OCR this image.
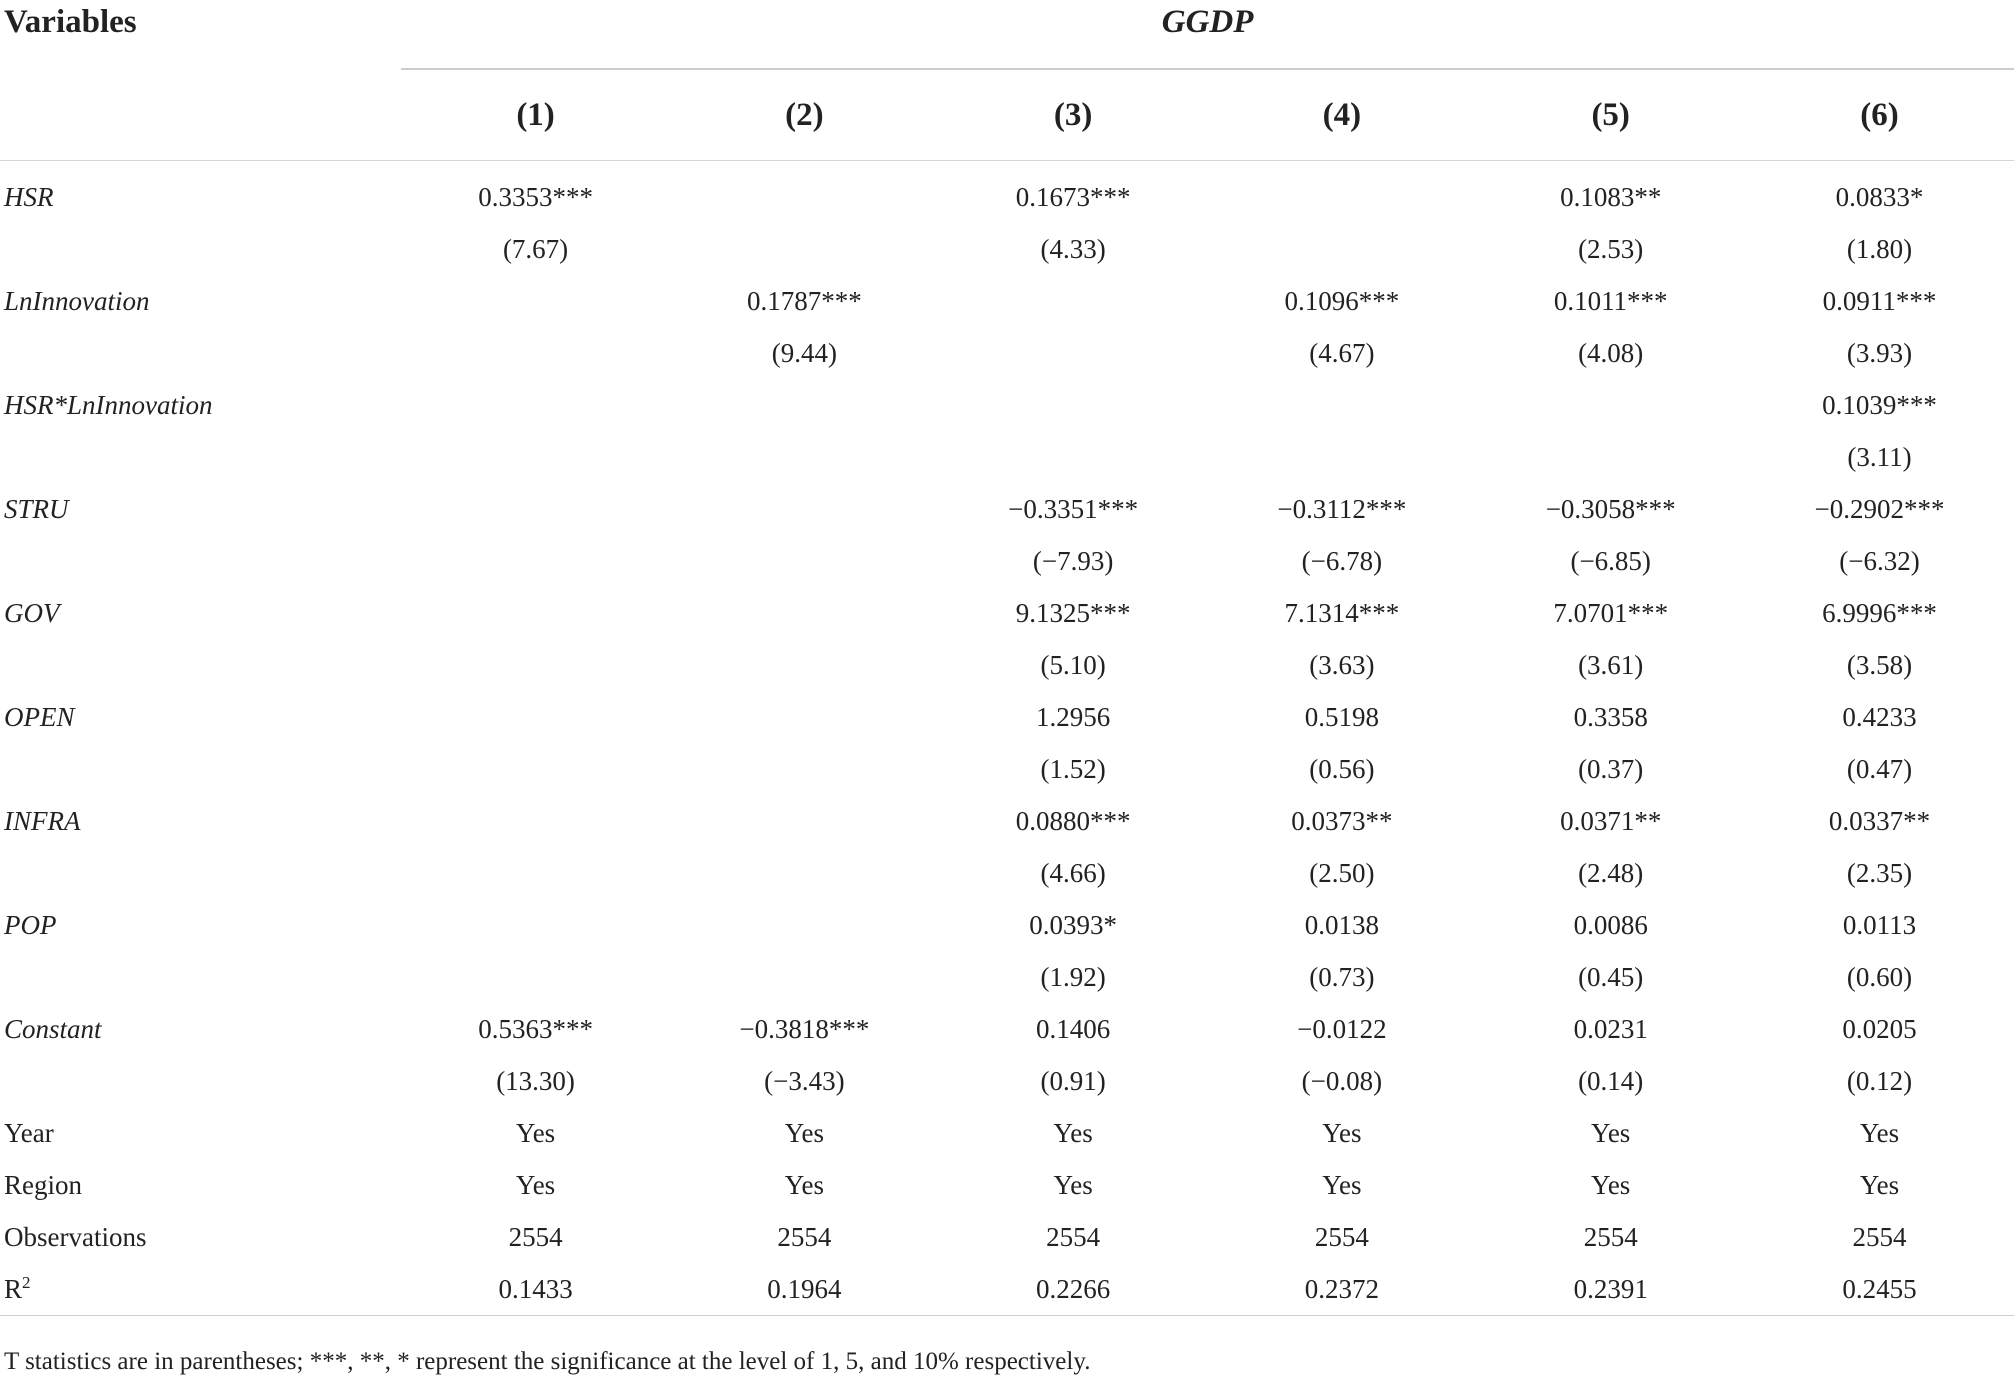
Variables	GGDP					
	(1)	(2)	(3)	(4)	(5)	(6)
HSR	0.3353***		0.1673***		0.1083**	0.0833*
	(7.67)		(4.33)		(2.53)	(1.80)
LnInnovation		0.1787***		0.1096***	0.1011***	0.0911***
		(9.44)		(4.67)	(4.08)	(3.93)
HSR*LnInnovation						0.1039***
						(3.11)
STRU			−0.3351***	−0.3112***	−0.3058***	−0.2902***
			(−7.93)	(−6.78)	(−6.85)	(−6.32)
GOV			9.1325***	7.1314***	7.0701***	6.9996***
			(5.10)	(3.63)	(3.61)	(3.58)
OPEN			1.2956	0.5198	0.3358	0.4233
			(1.52)	(0.56)	(0.37)	(0.47)
INFRA			0.0880***	0.0373**	0.0371**	0.0337**
			(4.66)	(2.50)	(2.48)	(2.35)
POP			0.0393*	0.0138	0.0086	0.0113
			(1.92)	(0.73)	(0.45)	(0.60)
Constant	0.5363***	−0.3818***	0.1406	−0.0122	0.0231	0.0205
	(13.30)	(−3.43)	(0.91)	(−0.08)	(0.14)	(0.12)
Year	Yes	Yes	Yes	Yes	Yes	Yes
Region	Yes	Yes	Yes	Yes	Yes	Yes
Observations	2554	2554	2554	2554	2554	2554
$R^2$	0.1433	0.1964	0.2266	0.2372	0.2391	0.2455
T statistics are in parentheses; ***, **, * represent the significance at the level of 1, 5, and 10% respectively.
